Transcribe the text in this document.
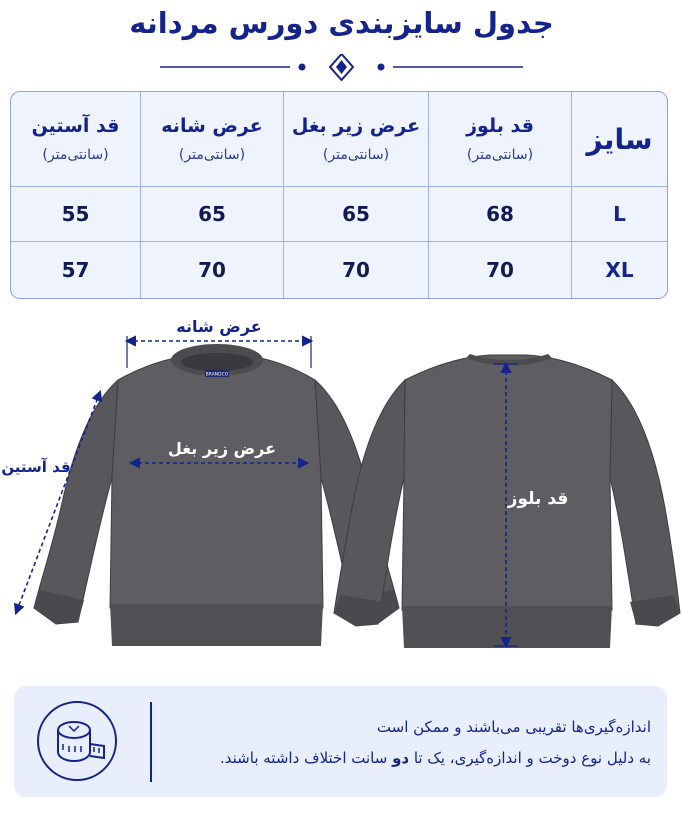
جدول سایزبندی دورس مردانه
سایز
قد بلوز
(سانتی‌متر)
عرض زیر بغل
(سانتی‌متر)
عرض شانه
(سانتی‌متر)
قد آستین
(سانتی‌متر)
L
68
65
65
55
XL
70
70
70
57
BRANDCO
عرض شانه
عرض زیر بغل
قد آستین
قد بلوز
اندازه‌گیری‌ها تقریبی می‌باشند و ممکن است
به دلیل نوع دوخت و اندازه‌گیری، یک تا دو سانت اختلاف داشته باشند.
